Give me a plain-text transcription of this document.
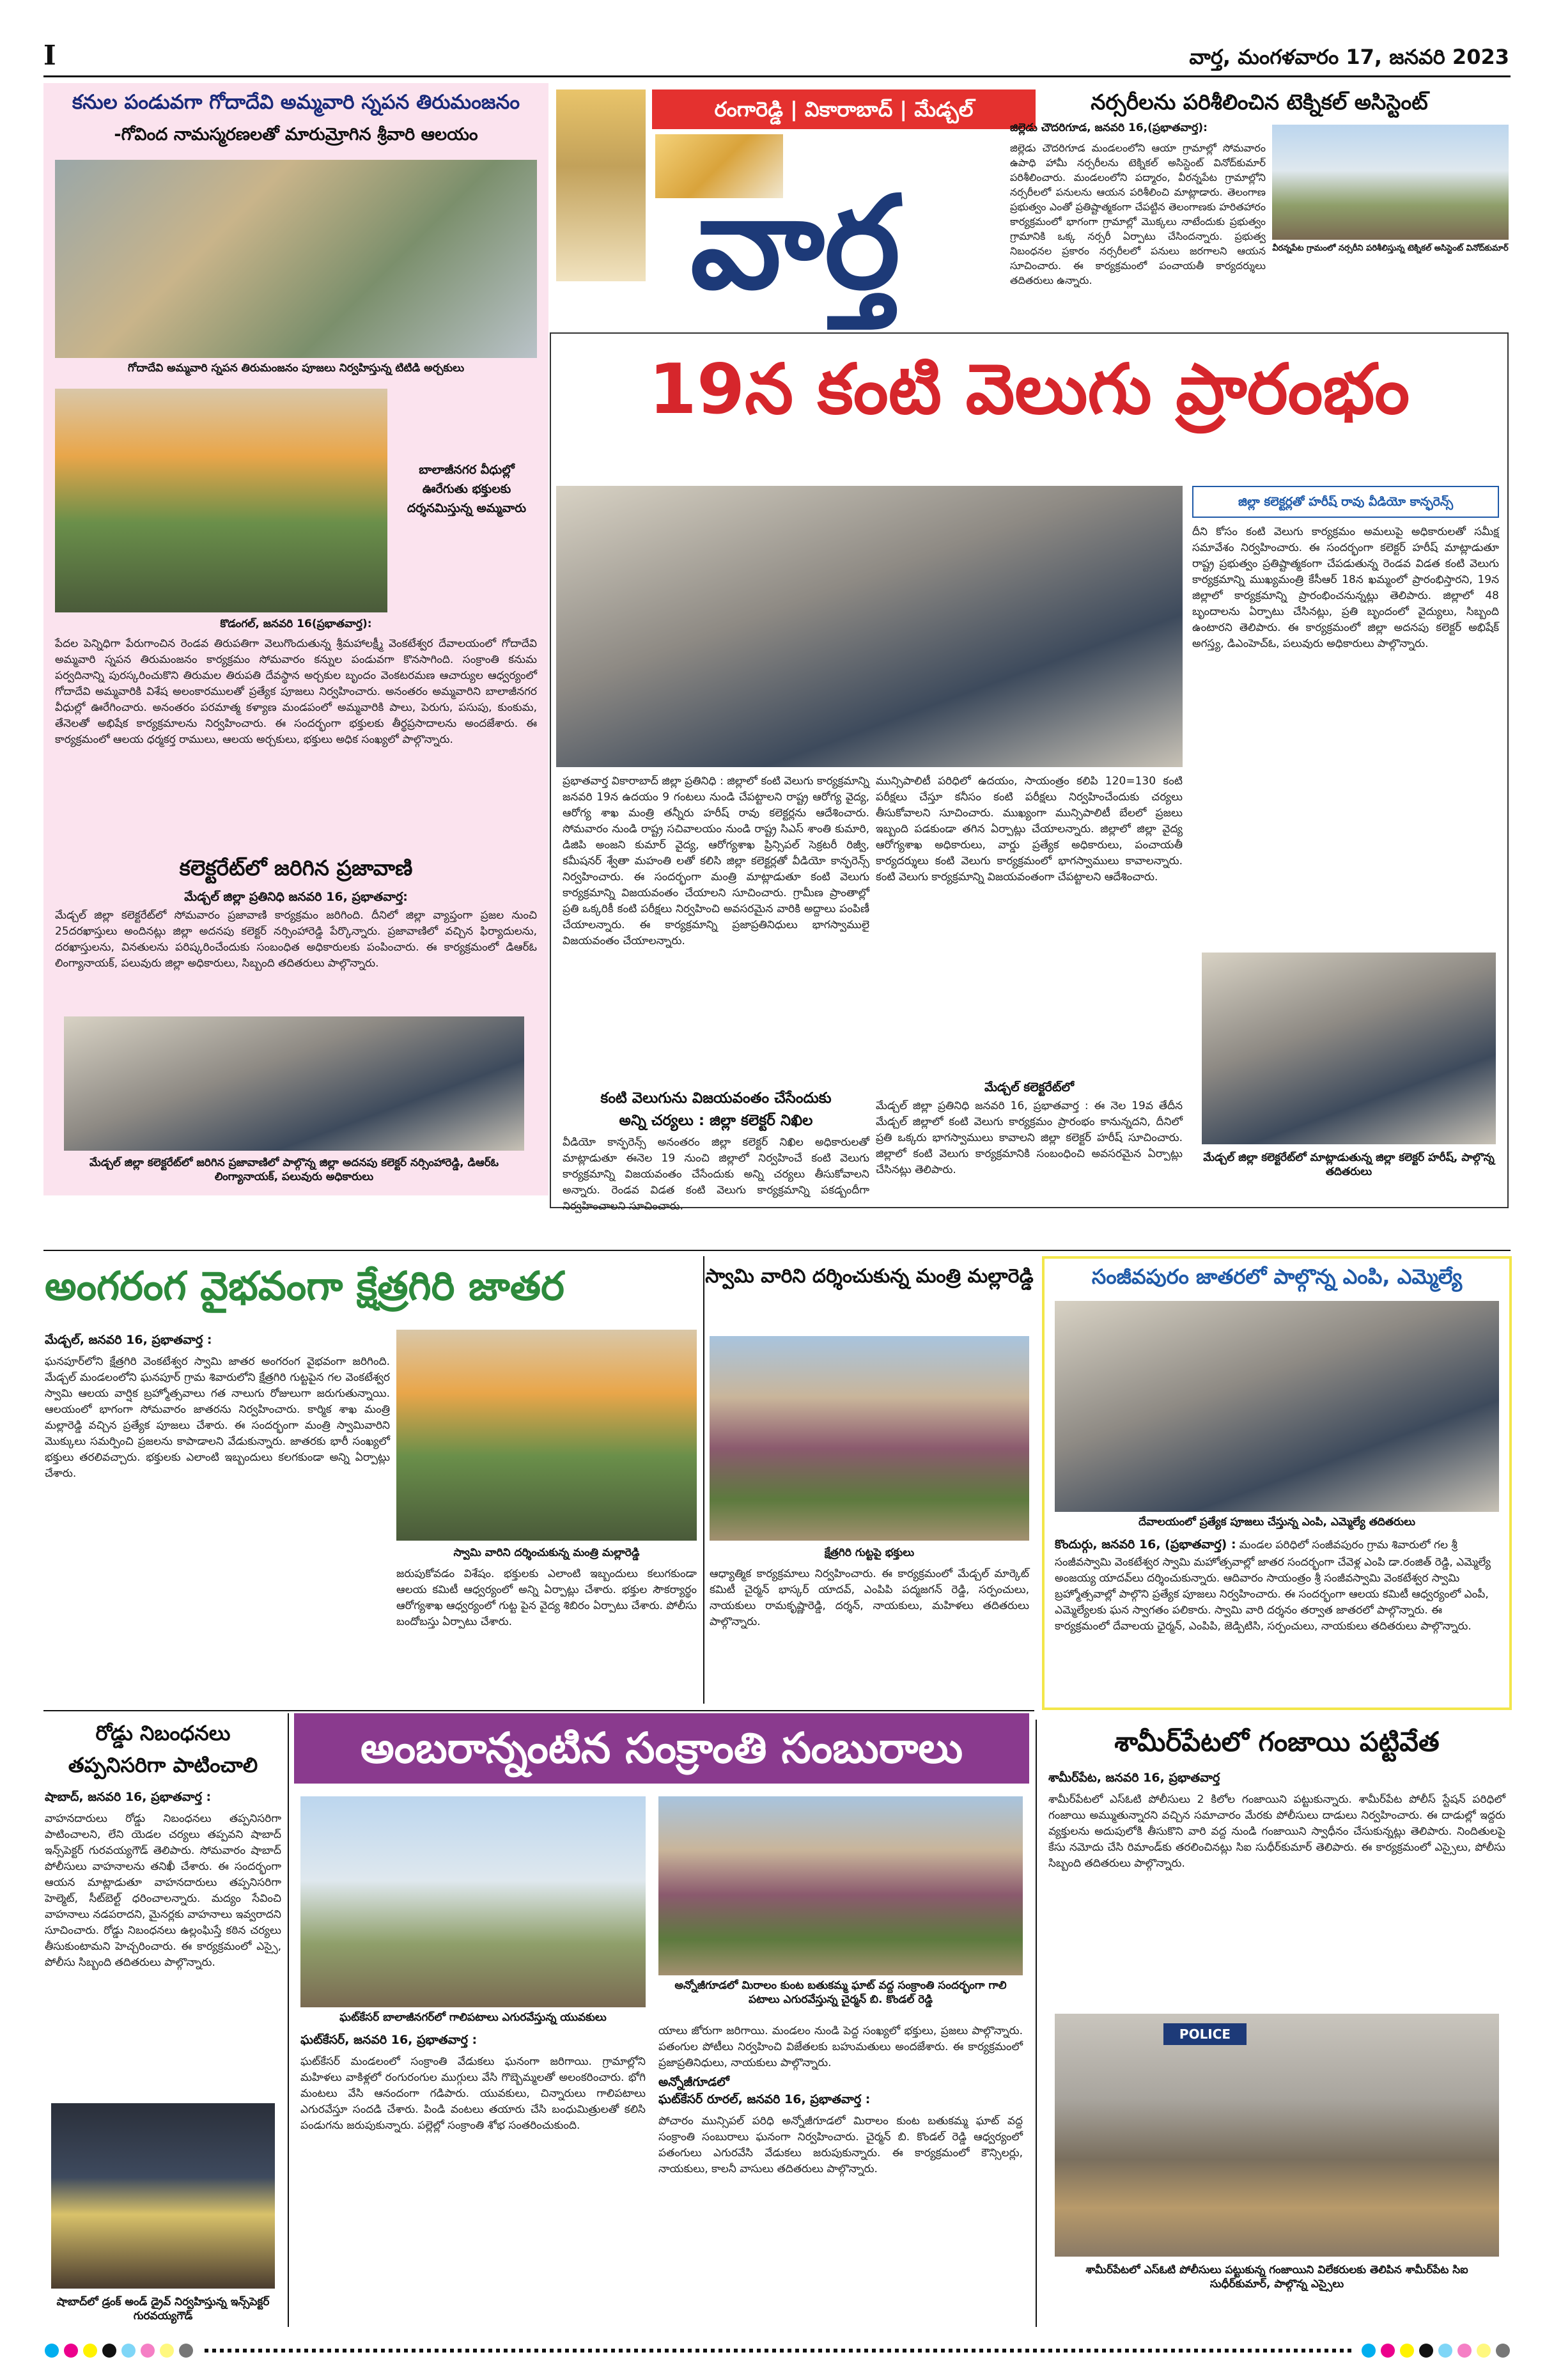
I	వార్త, మంగళవారం 17, జనవరి 2023
కనుల పండువగా గోదాదేవి అమ్మవారి స్నపన తిరుమంజనం
-గోవింద నామస్మరణలతో మారుమ్రోగిన శ్రీవారి ఆలయం
గోదాదేవి అమ్మవారి స్నపన తిరుమంజనం పూజలు నిర్వహిస్తున్న టిటిడి అర్చకులు
బాలాజీనగర వీధుల్లో ఊరేగుతు భక్తులకు దర్శనమిస్తున్న అమ్మవారు
కొడంగల్, జనవరి 16(ప్రభాతవార్త):
పేదల పెన్నిధిగా పేరుగాంచిన రెండవ తిరుపతిగా వెలుగొందుతున్న శ్రీమహాలక్ష్మీ వెంకటేశ్వర దేవాలయంలో గోదాదేవి అమ్మవారి స్నపన తిరుమంజనం కార్యక్రమం సోమవారం కన్నుల పండువగా కొనసాగింది. సంక్రాంతి కనుమ పర్వదినాన్ని పురస్కరించుకొని తిరుమల తిరుపతి దేవస్థాన అర్చకుల బృందం వెంకటరమణ ఆచార్యుల ఆధ్వర్యంలో గోదాదేవి అమ్మవారికి విశేష అలంకారములతో ప్రత్యేక పూజలు నిర్వహించారు. అనంతరం అమ్మవారిని బాలాజీనగర వీధుల్లో ఊరేగించారు. అనంతరం పరమాత్మ కళ్యాణ మండపంలో అమ్మవారికి పాలు, పెరుగు, పసుపు, కుంకుమ, తేనెలతో అభిషేక కార్యక్రమాలను నిర్వహించారు. ఈ సందర్భంగా భక్తులకు తీర్థప్రసాదాలను అందజేశారు. ఈ కార్యక్రమంలో ఆలయ ధర్మకర్త రాములు, ఆలయ అర్చకులు, భక్తులు అధిక సంఖ్యలో పాల్గొన్నారు.
కలెక్టరేట్‌లో జరిగిన ప్రజావాణి
మేడ్చల్ జిల్లా ప్రతినిధి జనవరి 16, ప్రభాతవార్త:
మేడ్చల్ జిల్లా కలెక్టరేట్‌లో సోమవారం ప్రజావాణి కార్యక్రమం జరిగింది. దీనిలో జిల్లా వ్యాప్తంగా ప్రజల నుంచి 25దరఖాస్తులు అందినట్లు జిల్లా అదనపు కలెక్టర్ నర్సింహారెడ్డి పేర్కొన్నారు. ప్రజావాణిలో వచ్చిన ఫిర్యాదులను, దరఖాస్తులను, వినతులను పరిష్కరించేందుకు సంబంధిత అధికారులకు పంపించారు. ఈ కార్యక్రమంలో డిఆర్‌ఓ లింగ్యానాయక్, పలువురు జిల్లా అధికారులు, సిబ్బంది తదితరులు పాల్గొన్నారు.
మేడ్చల్ జిల్లా కలెక్టరేట్‌లో జరిగిన ప్రజావాణిలో పాల్గొన్న జిల్లా అదనపు కలెక్టర్ నర్సింహారెడ్డి, డిఆర్‌ఓ లింగ్యానాయక్, పలువురు అధికారులు
రంగారెడ్డి | వికారాబాద్ | మేడ్చల్
వార్త
నర్సరీలను పరిశీలించిన టెక్నికల్ అసిస్టెంట్
జిల్లెడు చౌదరిగూడ, జనవరి 16,(ప్రభాతవార్త):
జిల్లెడు చౌదరిగూడ మండలంలోని ఆయా గ్రామాల్లో సోమవారం ఉపాధి హామీ నర్సరీలను టెక్నికల్ అసిస్టెంట్ వినోద్‌కుమార్ పరిశీలించారు. మండలంలోని పద్మారం, వీరన్నపేట గ్రామాల్లోని నర్సరీలలో పనులను ఆయన పరిశీలించి మాట్లాడారు. తెలంగాణ ప్రభుత్వం ఎంతో ప్రతిష్టాత్మకంగా చేపట్టిన తెలంగాణకు హరితహారం కార్యక్రమంలో భాగంగా గ్రామాల్లో మొక్కలు నాటేందుకు ప్రభుత్వం గ్రామానికి ఒక్క నర్సరీ ఏర్పాటు చేసిందన్నారు. ప్రభుత్వ నిబంధనల ప్రకారం నర్సరీలలో పనులు జరగాలని ఆయన సూచించారు. ఈ కార్యక్రమంలో పంచాయతీ కార్యదర్శులు తదితరులు ఉన్నారు.
వీరన్నపేట గ్రామంలో నర్సరీని పరిశీలిస్తున్న టెక్నికల్ అసిస్టెంట్ వినోద్‌కుమార్
19న కంటి వెలుగు ప్రారంభం
జిల్లా కలెక్టర్లతో హరీష్ రావు వీడియో కాన్ఫరెన్స్
దీని కోసం కంటి వెలుగు కార్యక్రమం అమలుపై అధికారులతో సమీక్ష సమావేశం నిర్వహించారు. ఈ సందర్భంగా కలెక్టర్ హరీష్ మాట్లాడుతూ రాష్ట్ర ప్రభుత్వం ప్రతిష్టాత్మకంగా చేపడుతున్న రెండవ విడత కంటి వెలుగు కార్యక్రమాన్ని ముఖ్యమంత్రి కేసీఆర్ 18న ఖమ్మంలో ప్రారంభిస్తారని, 19న జిల్లాలో కార్యక్రమాన్ని ప్రారంభించనున్నట్లు తెలిపారు. జిల్లాలో 48 బృందాలను ఏర్పాటు చేసినట్లు, ప్రతి బృందంలో వైద్యులు, సిబ్బంది ఉంటారని తెలిపారు. ఈ కార్యక్రమంలో జిల్లా అదనపు కలెక్టర్ అభిషేక్ అగస్త్య, డిఎంహెచ్‌ఓ, పలువురు అధికారులు పాల్గొన్నారు.
మేడ్చల్ జిల్లా కలెక్టరేట్‌లో మాట్లాడుతున్న జిల్లా కలెక్టర్ హరీష్, పాల్గొన్న తదితరులు
ప్రభాతవార్త వికారాబాద్ జిల్లా ప్రతినిధి : జిల్లాలో కంటి వెలుగు కార్యక్రమాన్ని జనవరి 19న ఉదయం 9 గంటలు నుండి చేపట్టాలని రాష్ట్ర ఆరోగ్య వైద్య, ఆరోగ్య శాఖ మంత్రి తన్నీరు హరీష్ రావు కలెక్టర్లను ఆదేశించారు. సోమవారం నుండి రాష్ట్ర సచివాలయం నుండి రాష్ట్ర సిఎస్ శాంతి కుమారి, డిజిపి అంజని కుమార్ వైద్య, ఆరోగ్యశాఖ ప్రిన్సిపల్ సెక్రటరీ రిజ్వీ, కమీషనర్ శ్వేతా మహంతి లతో కలిసి జిల్లా కలెక్టర్లతో వీడియో కాన్ఫరెన్స్ నిర్వహించారు. ఈ సందర్భంగా మంత్రి మాట్లాడుతూ కంటి వెలుగు కార్యక్రమాన్ని విజయవంతం చేయాలని సూచించారు. గ్రామీణ ప్రాంతాల్లో ప్రతి ఒక్కరికీ కంటి పరీక్షలు నిర్వహించి అవసరమైన వారికి అద్దాలు పంపిణీ చేయాలన్నారు. ఈ కార్యక్రమాన్ని ప్రజాప్రతినిధులు భాగస్వాములై విజయవంతం చేయాలన్నారు.
కంటి వెలుగును విజయవంతం చేసేందుకు
అన్ని చర్యలు : జిల్లా కలెక్టర్ నిఖిల
వీడియో కాన్ఫరెన్స్ అనంతరం జిల్లా కలెక్టర్ నిఖిల అధికారులతో మాట్లాడుతూ ఈనెల 19 నుంచి జిల్లాలో నిర్వహించే కంటి వెలుగు కార్యక్రమాన్ని విజయవంతం చేసేందుకు అన్ని చర్యలు తీసుకోవాలని అన్నారు. రెండవ విడత కంటి వెలుగు కార్యక్రమాన్ని పకడ్బందీగా నిర్వహించాలని సూచించారు.
మున్సిపాలిటీ పరిధిలో ఉదయం, సాయంత్రం కలిపి 120=130 కంటి పరీక్షలు చేస్తూ కనీసం కంటి పరీక్షలు నిర్వహించేందుకు చర్యలు తీసుకోవాలని సూచించారు. ముఖ్యంగా మున్సిపాలిటీ బేలలో ప్రజలు ఇబ్బంది పడకుండా తగిన ఏర్పాట్లు చేయాలన్నారు. జిల్లాలో జిల్లా వైద్య ఆరోగ్యశాఖ అధికారులు, వార్డు ప్రత్యేక అధికారులు, పంచాయతీ కార్యదర్శులు కంటి వెలుగు కార్యక్రమంలో భాగస్వాములు కావాలన్నారు. కంటి వెలుగు కార్యక్రమాన్ని విజయవంతంగా చేపట్టాలని ఆదేశించారు.
మేడ్చల్ కలెక్టరేట్‌లో
మేడ్చల్ జిల్లా ప్రతినిధి జనవరి 16, ప్రభాతవార్త : ఈ నెల 19వ తేదీన మేడ్చల్ జిల్లాలో కంటి వెలుగు కార్యక్రమం ప్రారంభం కానున్నదని, దీనిలో ప్రతి ఒక్కరు భాగస్వాములు కావాలని జిల్లా కలెక్టర్ హరీష్ సూచించారు. జిల్లాలో కంటి వెలుగు కార్యక్రమానికి సంబంధించి అవసరమైన ఏర్పాట్లు చేసినట్లు తెలిపారు.
అంగరంగ వైభవంగా క్షేత్రగిరి జాతర
మేడ్చల్, జనవరి 16, ప్రభాతవార్త :
ఘనపూర్‌లోని క్షేత్రగిరి వెంకటేశ్వర స్వామి జాతర అంగరంగ వైభవంగా జరిగింది. మేడ్చల్ మండలంలోని ఘనపూర్ గ్రామ శివారులోని క్షేత్రగిరి గుట్టపైన గల వెంకటేశ్వర స్వామి ఆలయ వార్షిక బ్రహ్మోత్సవాలు గత నాలుగు రోజులుగా జరుగుతున్నాయి. ఆలయంలో భాగంగా సోమవారం జాతరను నిర్వహించారు. కార్మిక శాఖ మంత్రి మల్లారెడ్డి వచ్చిన ప్రత్యేక పూజలు చేశారు. ఈ సందర్భంగా మంత్రి స్వామివారిని మొక్కులు సమర్పించి ప్రజలను కాపాడాలని వేడుకున్నారు. జాతరకు భారీ సంఖ్యలో భక్తులు తరలివచ్చారు. భక్తులకు ఎలాంటి ఇబ్బందులు కలగకుండా అన్ని ఏర్పాట్లు చేశారు.
స్వామి వారిని దర్శించుకున్న మంత్రి మల్లారెడ్డి
జరుపుకోవడం విశేషం. భక్తులకు ఎలాంటి ఇబ్బందులు కలుగకుండా ఆలయ కమిటీ ఆధ్వర్యంలో అన్ని ఏర్పాట్లు చేశారు. భక్తుల సౌకర్యార్థం ఆరోగ్యశాఖ ఆధ్వర్యంలో గుట్ట పైన వైద్య శిబిరం ఏర్పాటు చేశారు. పోలీసు బందోబస్తు ఏర్పాటు చేశారు.
స్వామి వారిని దర్శించుకున్న మంత్రి మల్లారెడ్డి
క్షేత్రగిరి గుట్టపై భక్తులు
ఆధ్యాత్మిక కార్యక్రమాలు నిర్వహించారు. ఈ కార్యక్రమంలో మేడ్చల్ మార్కెట్ కమిటీ చైర్మన్ భాస్కర్ యాదవ్, ఎంపిపి పద్మజగన్ రెడ్డి, సర్పంచులు, నాయకులు రామకృష్ణారెడ్డి, దర్శన్, నాయకులు, మహిళలు తదితరులు పాల్గొన్నారు.
సంజీవపురం జాతరలో పాల్గొన్న ఎంపి, ఎమ్మెల్యే
దేవాలయంలో ప్రత్యేక పూజలు చేస్తున్న ఎంపి, ఎమ్మెల్యే తదితరులు
కొందుర్గు, జనవరి 16, (ప్రభాతవార్త) : మండల పరిధిలో సంజీవపురం గ్రామ శివారులో గల శ్రీ సంజీవస్వామి వెంకటేశ్వర స్వామి మహోత్సవాల్లో జాతర సందర్భంగా చేవెళ్ల ఎంపి డా.రంజిత్ రెడ్డి, ఎమ్మెల్యే అంజయ్య యాదవ్‌లు దర్శించుకున్నారు. ఆదివారం సాయంత్రం శ్రీ సంజీవస్వామి వెంకటేశ్వర స్వామి బ్రహ్మోత్సవాల్లో పాల్గొని ప్రత్యేక పూజలు నిర్వహించారు. ఈ సందర్భంగా ఆలయ కమిటీ ఆధ్వర్యంలో ఎంపీ, ఎమ్మెల్యేలకు ఘన స్వాగతం పలికారు. స్వామి వారి దర్శనం తర్వాత జాతరలో పాల్గొన్నారు. ఈ కార్యక్రమంలో దేవాలయ ఛైర్మన్, ఎంపిపి, జెడ్పిటిసి, సర్పంచులు, నాయకులు తదితరులు పాల్గొన్నారు.
రోడ్డు నిబంధనలు
తప్పనిసరిగా పాటించాలి
షాబాద్, జనవరి 16, ప్రభాతవార్త :
వాహనదారులు రోడ్డు నిబంధనలు తప్పనిసరిగా పాటించాలని, లేని యెడల చర్యలు తప్పవని షాబాద్ ఇన్స్‌పెక్టర్ గురవయ్యగౌడ్ తెలిపారు. సోమవారం షాబాద్ పోలీసులు వాహనాలను తనిఖీ చేశారు. ఈ సందర్భంగా ఆయన మాట్లాడుతూ వాహనదారులు తప్పనిసరిగా హెల్మెట్, సీట్‌బెల్ట్ ధరించాలన్నారు. మద్యం సేవించి వాహనాలు నడపరాదని, మైనర్లకు వాహనాలు ఇవ్వరాదని సూచించారు. రోడ్డు నిబంధనలు ఉల్లంఘిస్తే కఠిన చర్యలు తీసుకుంటామని హెచ్చరించారు. ఈ కార్యక్రమంలో ఎస్సై, పోలీసు సిబ్బంది తదితరులు పాల్గొన్నారు.
షాబాద్‌లో డ్రంక్ అండ్ డ్రైవ్ నిర్వహిస్తున్న ఇన్స్‌పెక్టర్ గురవయ్యగౌడ్
అంబరాన్నంటిన సంక్రాంతి సంబురాలు
ఘట్‌కేసర్ బాలాజీనగర్‌లో గాలిపటాలు ఎగురవేస్తున్న యువకులు
అన్నోజీగూడలో మిరాలం కుంట బతుకమ్మ ఘాట్ వద్ద సంక్రాంతి సందర్భంగా గాలి పటాలు ఎగురవేస్తున్న చైర్మన్ బి. కొండల్ రెడ్డి
ఘట్‌కేసర్, జనవరి 16, ప్రభాతవార్త :
ఘట్‌కేసర్ మండలంలో సంక్రాంతి వేడుకలు ఘనంగా జరిగాయి. గ్రామాల్లోని మహిళలు వాకిళ్లలో రంగురంగుల ముగ్గులు వేసి గొబ్బెమ్మలతో అలంకరించారు. భోగి మంటలు వేసి ఆనందంగా గడిపారు. యువకులు, చిన్నారులు గాలిపటాలు ఎగురవేస్తూ సందడి చేశారు. పిండి వంటలు తయారు చేసి బంధుమిత్రులతో కలిసి పండుగను జరుపుకున్నారు. పల్లెల్లో సంక్రాంతి శోభ సంతరించుకుంది.
యాలు జోరుగా జరిగాయి. మండలం నుండి పెద్ద సంఖ్యలో భక్తులు, ప్రజలు పాల్గొన్నారు. పతంగుల పోటీలు నిర్వహించి విజేతలకు బహుమతులు అందజేశారు. ఈ కార్యక్రమంలో ప్రజాప్రతినిధులు, నాయకులు పాల్గొన్నారు.
అన్నోజీగూడలో
ఘట్‌కేసర్ రూరల్, జనవరి 16, ప్రభాతవార్త :
పోచారం మున్సిపల్ పరిధి అన్నోజీగూడలో మిరాలం కుంట బతుకమ్మ ఘాట్ వద్ద సంక్రాంతి సంబురాలు ఘనంగా నిర్వహించారు. చైర్మన్ బి. కొండల్ రెడ్డి ఆధ్వర్యంలో పతంగులు ఎగురవేసి వేడుకలు జరుపుకున్నారు. ఈ కార్యక్రమంలో కౌన్సిలర్లు, నాయకులు, కాలనీ వాసులు తదితరులు పాల్గొన్నారు.
శామీర్‌పేటలో గంజాయి పట్టివేత
శామీర్‌పేట, జనవరి 16, ప్రభాతవార్త
శామీర్‌పేటలో ఎస్‌ఓటి పోలీసులు 2 కిలోల గంజాయిని పట్టుకున్నారు. శామీర్‌పేట పోలీస్ స్టేషన్ పరిధిలో గంజాయి అమ్ముతున్నారని వచ్చిన సమాచారం మేరకు పోలీసులు దాడులు నిర్వహించారు. ఈ దాడుల్లో ఇద్దరు వ్యక్తులను అదుపులోకి తీసుకొని వారి వద్ద నుండి గంజాయిని స్వాధీనం చేసుకున్నట్లు తెలిపారు. నిందితులపై కేసు నమోదు చేసి రిమాండ్‌కు తరలించినట్లు సిఐ సుధీర్‌కుమార్ తెలిపారు. ఈ కార్యక్రమంలో ఎస్సైలు, పోలీసు సిబ్బంది తదితరులు పాల్గొన్నారు.
POLICE
శామీర్‌పేటలో ఎస్‌ఓటి పోలీసులు పట్టుకున్న గంజాయిని విలేకరులకు తెలిపిన శామీర్‌పేట సిఐ సుధీర్‌కుమార్, పాల్గొన్న ఎస్సైలు
